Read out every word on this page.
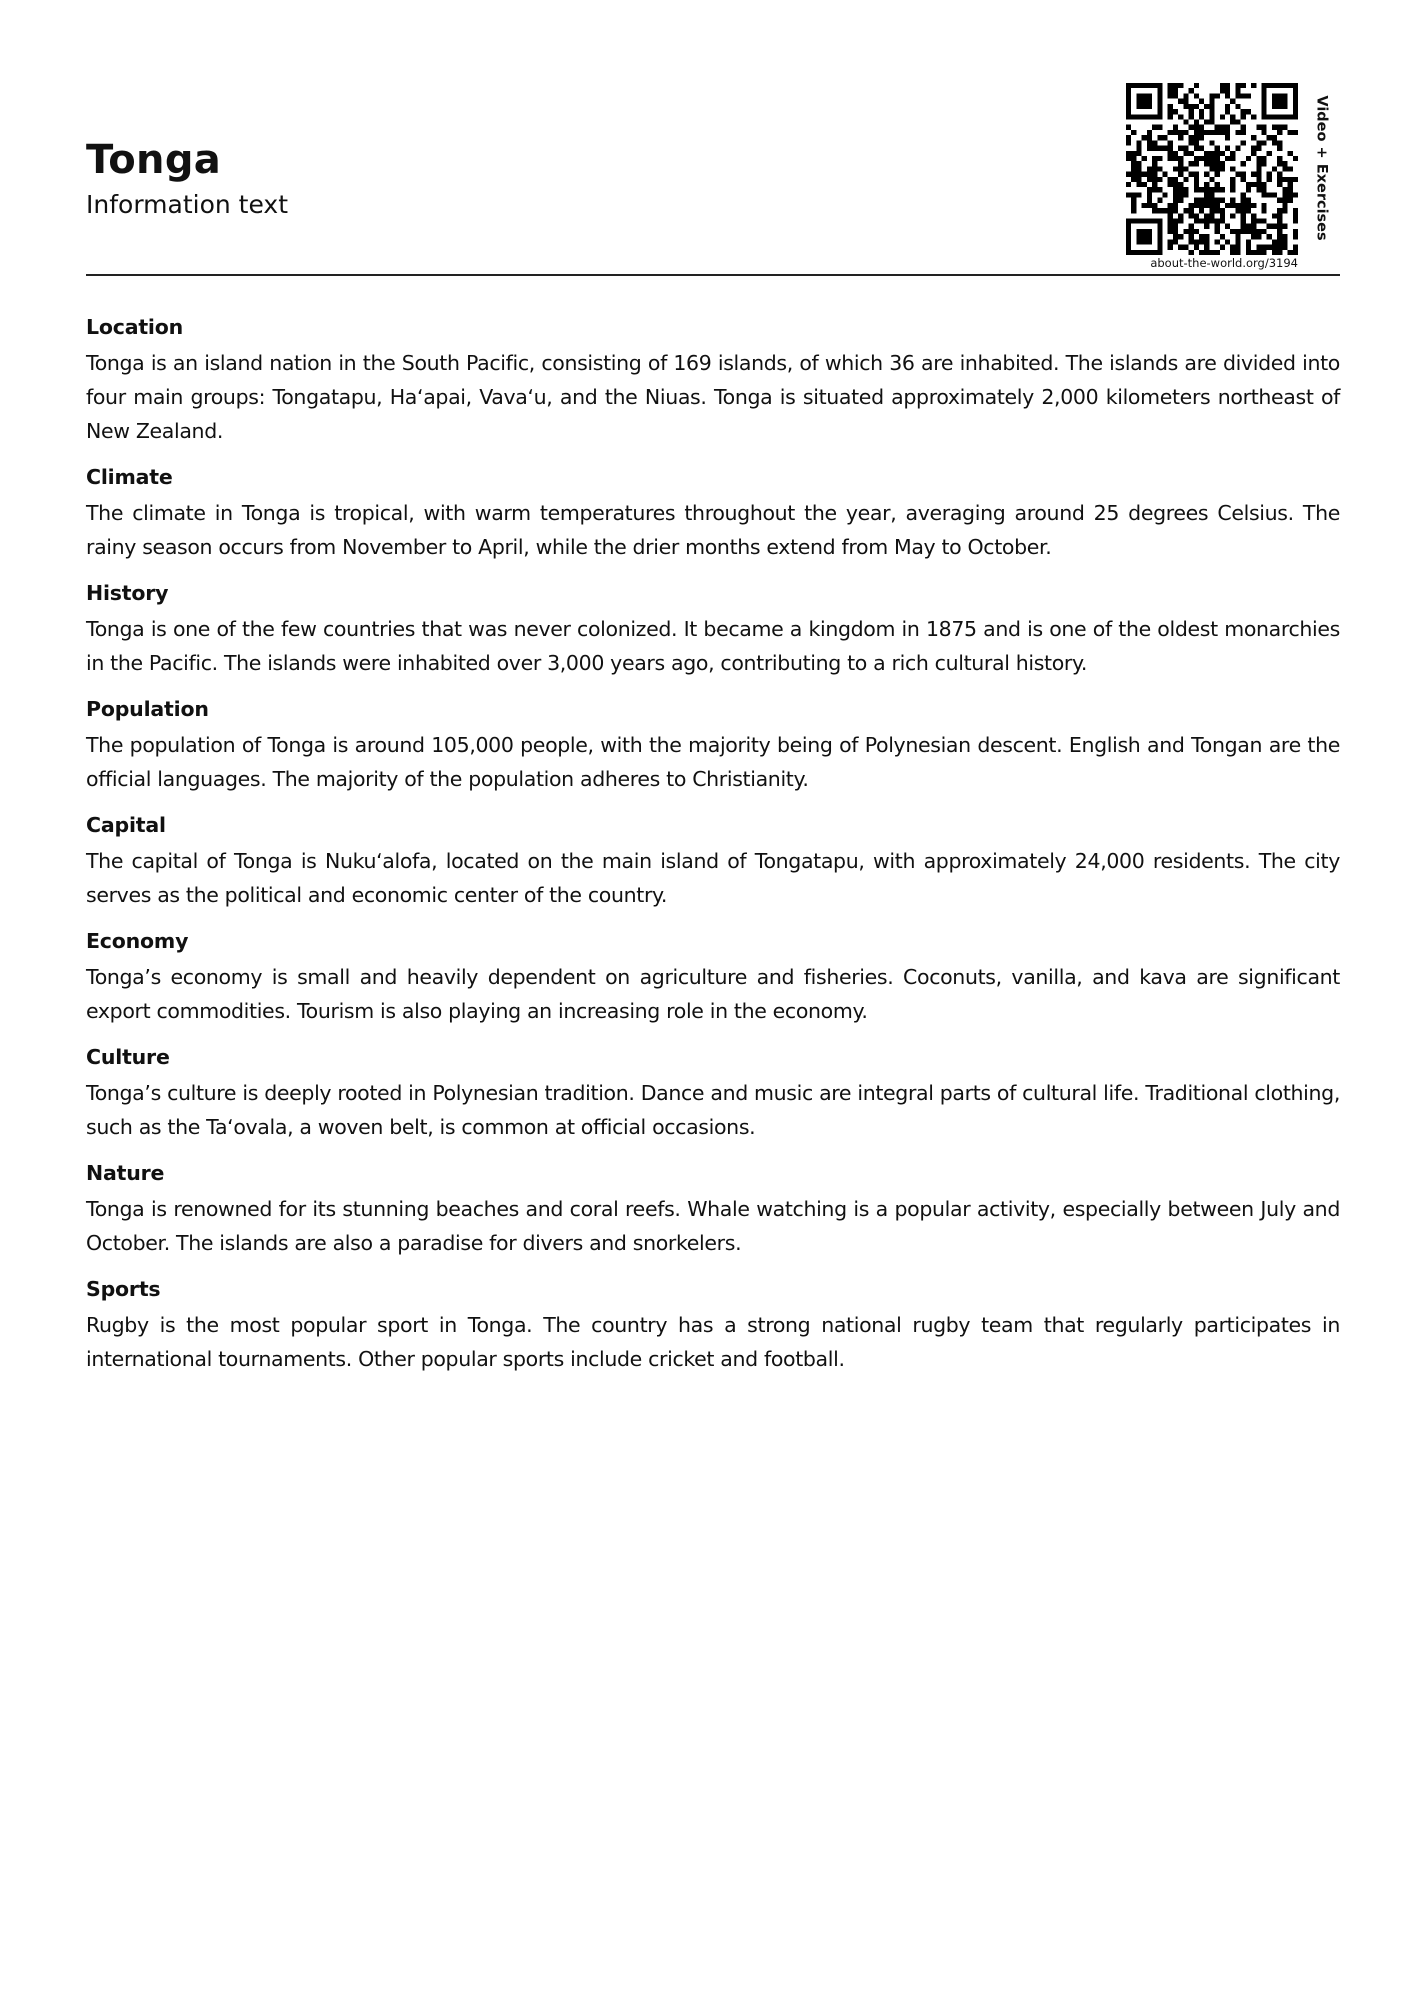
Tonga
Information text
about-the-world.org/3194
Video + Exercises
Location

Tonga is an island nation in the South Pacific, consisting of 169 islands, of which 36 are inhabited. The islands are divided into four main groups: Tongatapu, Haʻapai, Vavaʻu, and the Niuas. Tonga is situated approximately 2,000 kilometers northeast of New Zealand.

Climate

The climate in Tonga is tropical, with warm temperatures throughout the year, averaging around 25 degrees Celsius. The rainy season occurs from November to April, while the drier months extend from May to October.

History

Tonga is one of the few countries that was never colonized. It became a kingdom in 1875 and is one of the oldest monarchies in the Pacific. The islands were inhabited over 3,000 years ago, contributing to a rich cultural history.

Population

The population of Tonga is around 105,000 people, with the majority being of Polynesian descent. English and Tongan are the official languages. The majority of the population adheres to Christianity.

Capital

The capital of Tonga is Nukuʻalofa, located on the main island of Tongatapu, with approximately 24,000 residents. The city serves as the political and economic center of the country.

Economy

Tonga’s economy is small and heavily dependent on agriculture and fisheries. Coconuts, vanilla, and kava are significant export commodities. Tourism is also playing an increasing role in the economy.

Culture

Tonga’s culture is deeply rooted in Polynesian tradition. Dance and music are integral parts of cultural life. Traditional clothing, such as the Taʻovala, a woven belt, is common at official occasions.

Nature

Tonga is renowned for its stunning beaches and coral reefs. Whale watching is a popular activity, especially between July and October. The islands are also a paradise for divers and snorkelers.

Sports

Rugby is the most popular sport in Tonga. The country has a strong national rugby team that regularly participates in international tournaments. Other popular sports include cricket and football.
